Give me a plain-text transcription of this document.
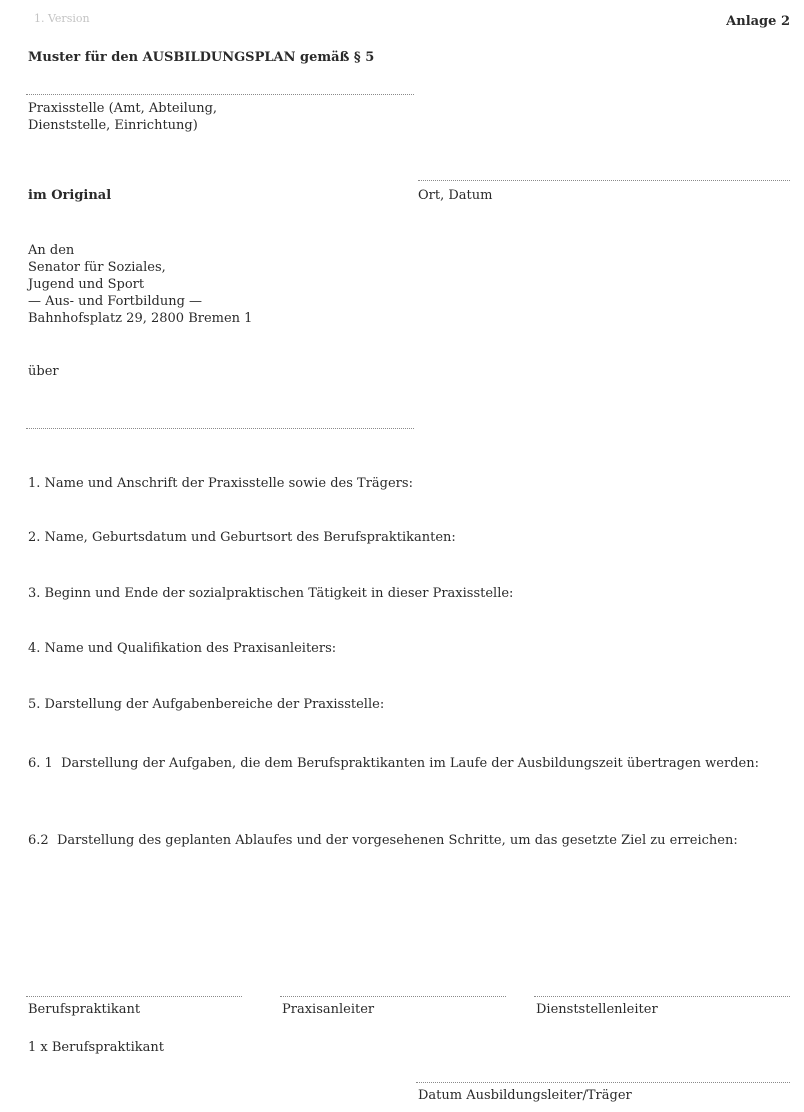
1. Version	Anlage 2
Muster für den AUSBILDUNGSPLAN gemäß § 5
Praxisstelle (Amt, Abteilung,
Dienststelle, Einrichtung)
im Original	Ort, Datum
An den
Senator für Soziales,
Jugend und Sport
— Aus- und Fortbildung —
Bahnhofsplatz 29, 2800 Bremen 1
über
1. Name und Anschrift der Praxisstelle sowie des Trägers:
2. Name, Geburtsdatum und Geburtsort des Berufspraktikanten:
3. Beginn und Ende der sozialpraktischen Tätigkeit in dieser Praxisstelle:
4. Name und Qualifikation des Praxisanleiters:
5. Darstellung der Aufgabenbereiche der Praxisstelle:
6. 1  Darstellung der Aufgaben, die dem Berufspraktikanten im Laufe der Ausbildungszeit übertragen werden:
6.2  Darstellung des geplanten Ablaufes und der vorgesehenen Schritte, um das gesetzte Ziel zu erreichen:
Berufspraktikant	Praxisanleiter	Dienststellenleiter
1 x Berufspraktikant
Datum Ausbildungsleiter/Träger
